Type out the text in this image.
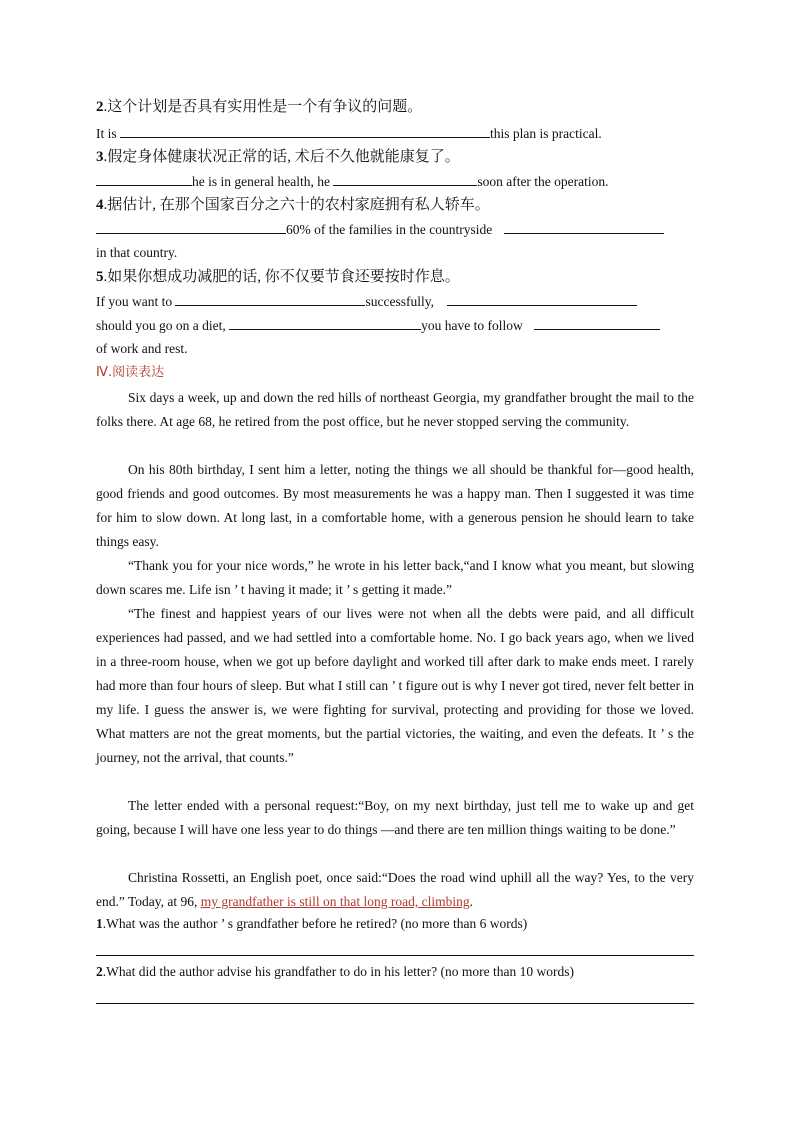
2.这个计划是否具有实用性是一个有争议的问题。
It is	this plan is practical.
3.假定身体健康状况正常的话, 术后不久他就能康复了。
he is in general health, he	soon after the operation.
4.据估计, 在那个国家百分之六十的农村家庭拥有私人轿车。
60% of the families in the countryside
in that country.
5.如果你想成功减肥的话, 你不仅要节食还要按时作息。
If you want to	successfully,
should you go on a diet,	you have to follow
of work and rest.
Ⅳ.阅读表达
Six days a week, up and down the red hills of northeast Georgia, my grandfather brought the mail to the folks there. At age 68, he retired from the post office, but he never stopped serving the community.
On his 80th birthday, I sent him a letter, noting the things we all should be thankful for—good health, good friends and good outcomes. By most measurements he was a happy man. Then I suggested it was time for him to slow down. At long last, in a comfortable home, with a generous pension he should learn to take things easy.
“Thank you for your nice words,” he wrote in his letter back,“and I know what you meant, but slowing down scares me. Life isn ’ t having it made; it ’ s getting it made.”
“The finest and happiest years of our lives were not when all the debts were paid, and all difficult experiences had passed, and we had settled into a comfortable home. No. I go back years ago, when we lived in a three-room house, when we got up before daylight and worked till after dark to make ends meet. I rarely had more than four hours of sleep. But what I still can ’ t figure out is why I never got tired, never felt better in my life. I guess the answer is, we were fighting for survival, protecting and providing for those we loved. What matters are not the great moments, but the partial victories, the waiting, and even the defeats. It ’ s the journey, not the arrival, that counts.”
The letter ended with a personal request:“Boy, on my next birthday, just tell me to wake up and get going, because I will have one less year to do things —and there are ten million things waiting to be done.”
Christina Rossetti, an English poet, once said:“Does the road wind uphill all the way? Yes, to the very end.” Today, at 96, my grandfather is still on that long road, climbing.
1.What was the author ’ s grandfather before he retired? (no more than 6 words)
2.What did the author advise his grandfather to do in his letter? (no more than 10 words)
